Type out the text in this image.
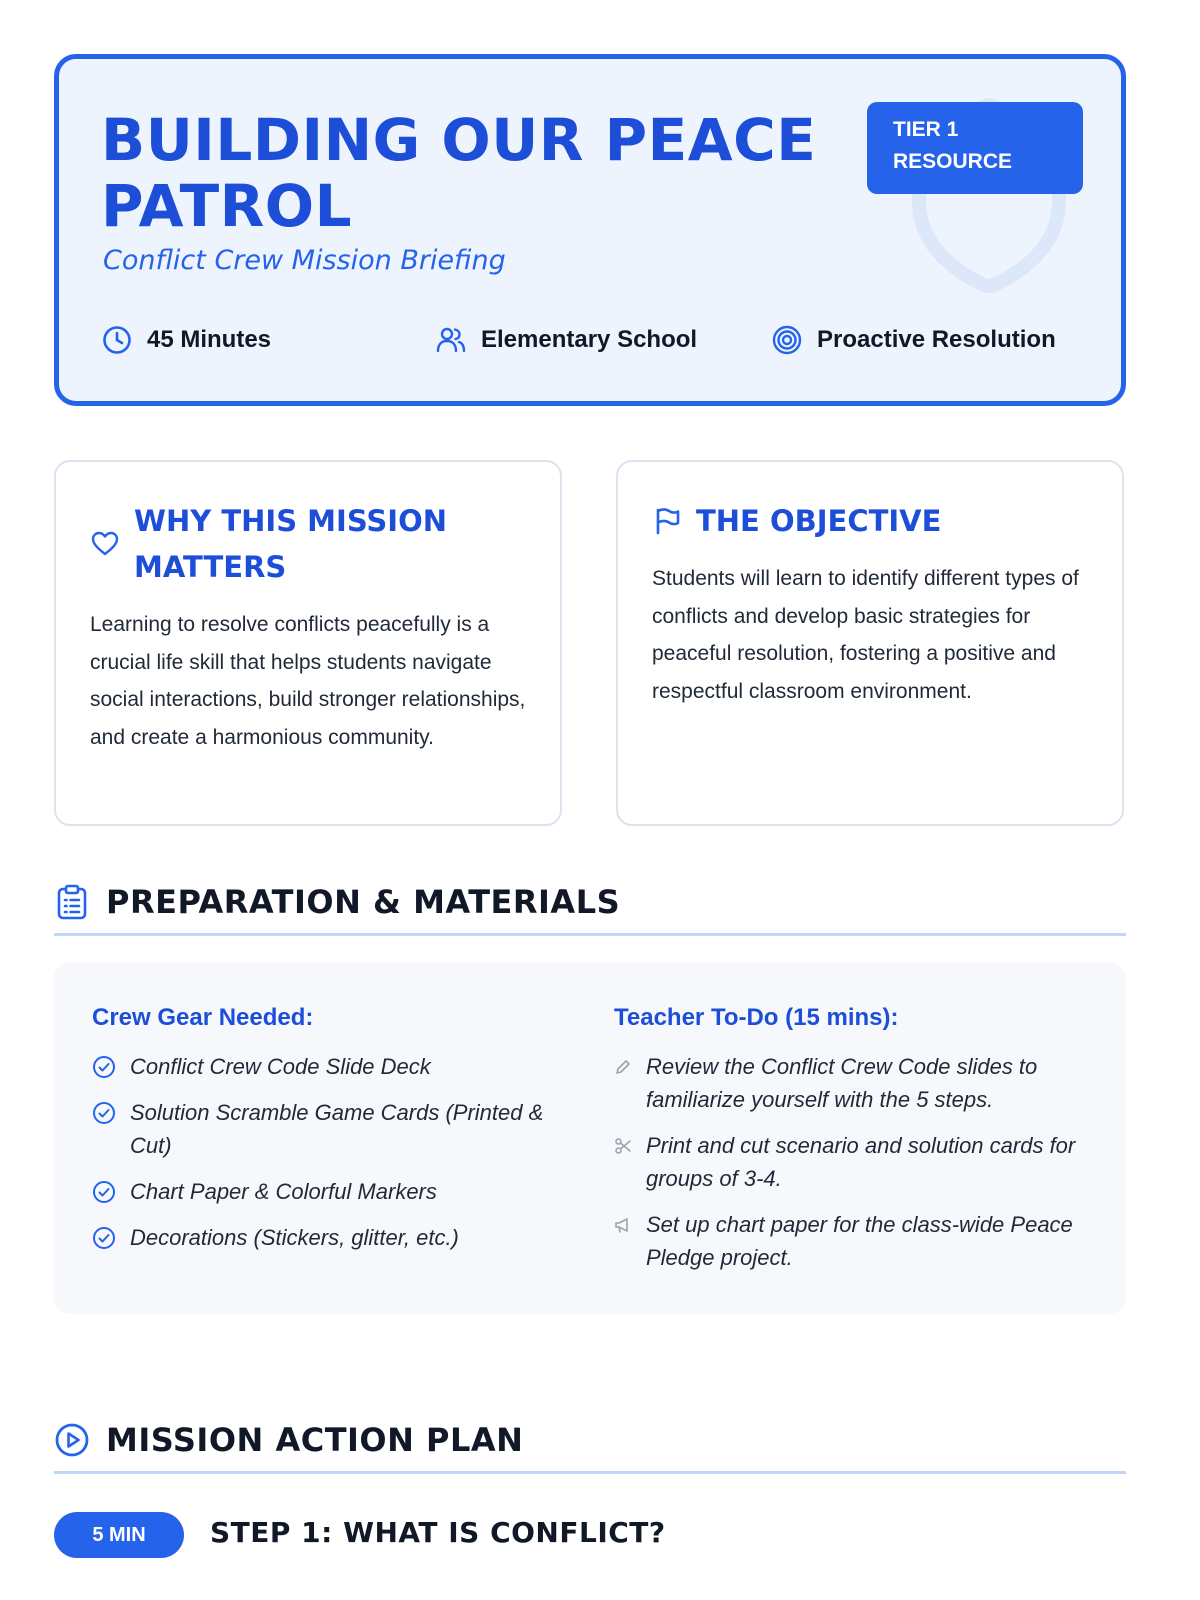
BUILDING OUR PEACE PATROL
Conflict Crew Mission Briefing
TIER 1
RESOURCE
45 Minutes	Elementary School	Proactive Resolution
WHY THIS MISSION MATTERS

Learning to resolve conflicts peacefully is a crucial life skill that helps students navigate social interactions, build stronger relationships, and create a harmonious community.

THE OBJECTIVE

Students will learn to identify different types of conflicts and develop basic strategies for peaceful resolution, fostering a positive and respectful classroom environment.

PREPARATION & MATERIALS
Crew Gear Needed:
Conflict Crew Code Slide Deck
Solution Scramble Game Cards (Printed & Cut)
Chart Paper & Colorful Markers
Decorations (Stickers, glitter, etc.)
Teacher To-Do (15 mins):
Review the Conflict Crew Code slides to familiarize yourself with the 5 steps.
Print and cut scenario and solution cards for groups of 3-4.
Set up chart paper for the class-wide Peace Pledge project.
MISSION ACTION PLAN
5 MIN	STEP 1: WHAT IS CONFLICT?
